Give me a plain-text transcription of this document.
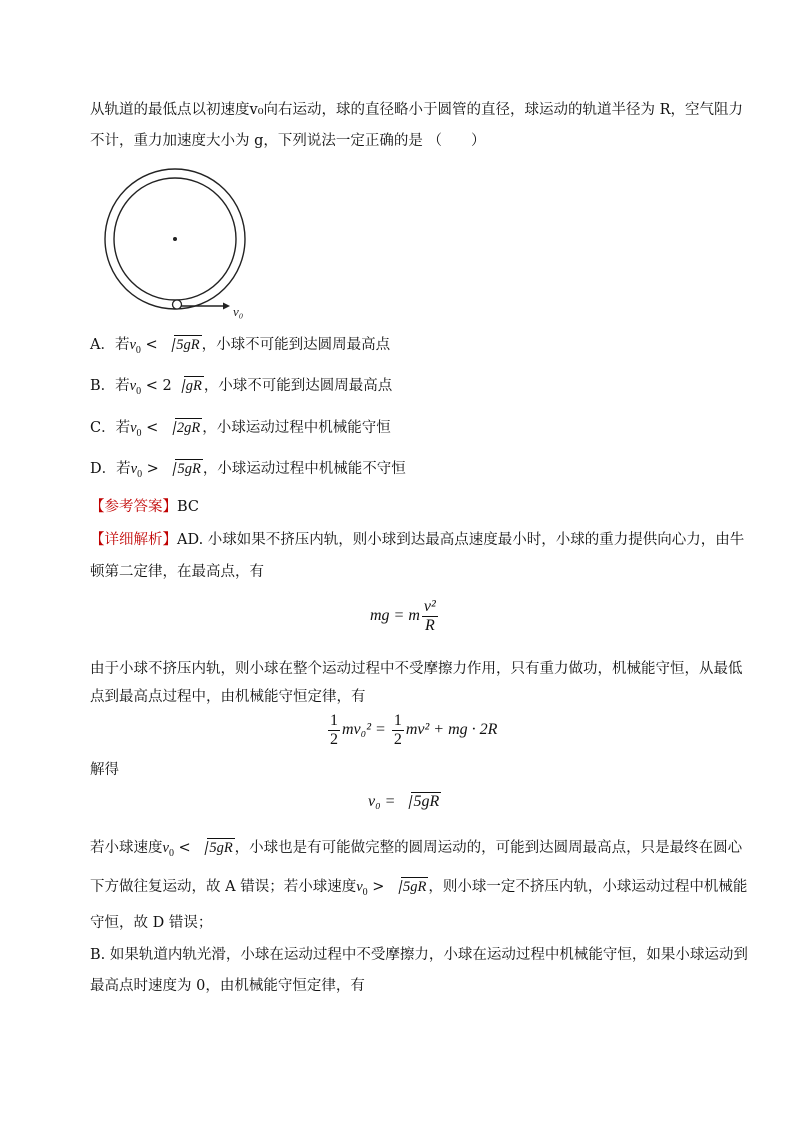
从轨道的最低点以初速度v₀向右运动，球的直径略小于圆管的直径，球运动的轨道半径为 R，空气阻力
不计，重力加速度大小为 g，下列说法一定正确的是 （　　）
v₀
A．若$v_0 < 5gR$ ，小球不可能到达圆周最高点
B．若$v_0 < 2$ gR ，小球不可能到达圆周最高点
C．若$v_0 < 2gR$ ，小球运动过程中机械能守恒
D．若$v_0 > 5gR$ ，小球运动过程中机械能不守恒
【参考答案】BC
【详细解析】AD. 小球如果不挤压内轨，则小球到达最高点速度最小时，小球的重力提供向心力，由牛
顿第二定律，在最高点，有
mg = m $\frac{\text{v²}}{R}$
由于小球不挤压内轨，则小球在整个运动过程中不受摩擦力作用，只有重力做功，机械能守恒，从最低
点到最高点过程中，由机械能守恒定律，有
$\frac{1}{2} mv_0^2 = \frac{1}{2} mv^2$ + mg · 2R
解得
v₀ = 5gR
若小球速度$v_0 < 5gR$ ，小球也是有可能做完整的圆周运动的，可能到达圆周最高点，只是最终在圆心
下方做往复运动，故 A 错误；若小球速度$v_0 > 5gR$ ，则小球一定不挤压内轨，小球运动过程中机械能
守恒，故 D 错误；
B. 如果轨道内轨光滑，小球在运动过程中不受摩擦力，小球在运动过程中机械能守恒，如果小球运动到
最高点时速度为 0，由机械能守恒定律，有
